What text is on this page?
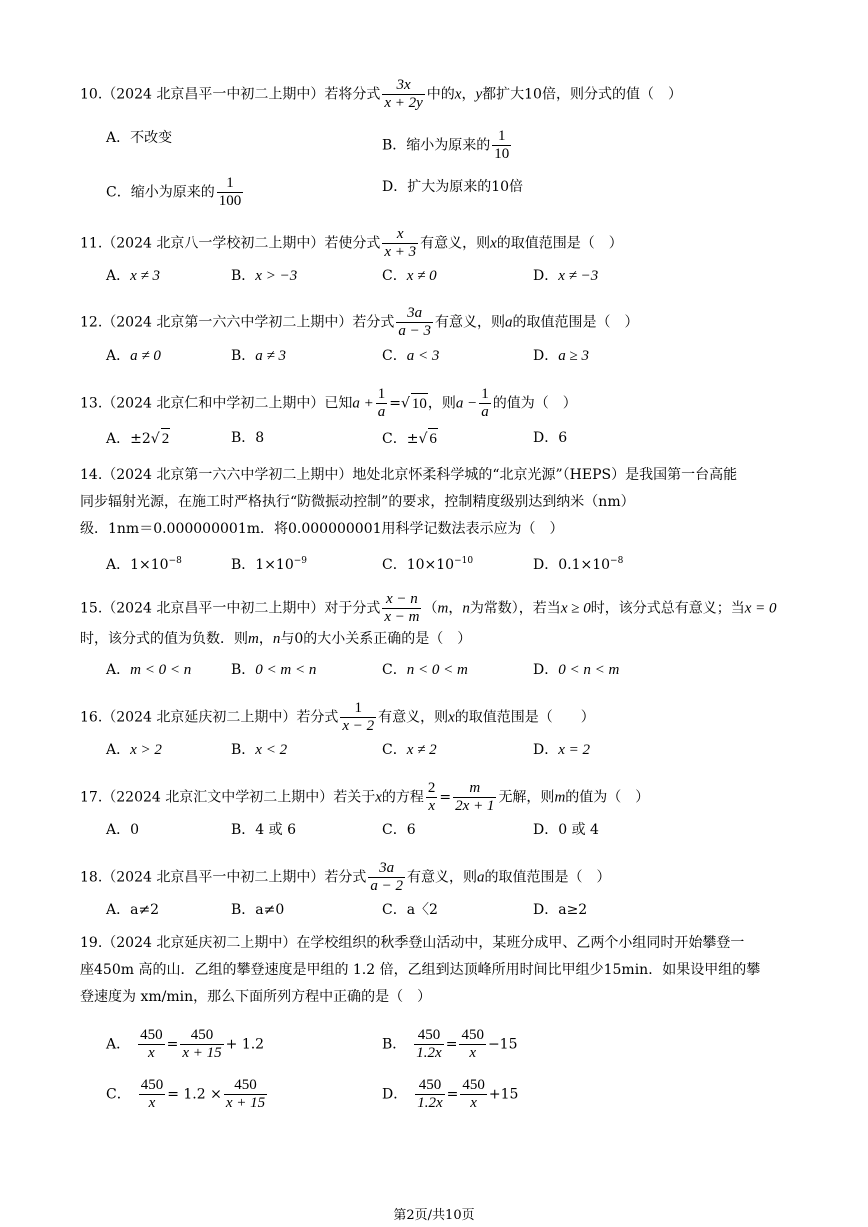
10.（2024 北京昌平一中初二上期中）若将分式 $\frac{3x}{x + 2y}$ 中的x，y都扩大10倍，则分式的值（　）
A．不改变	B．缩小为原来的 $\frac{1}{10}$
C．缩小为原来的 $\frac{1}{100}$	D．扩大为原来的10倍
11.（2024 北京八一学校初二上期中）若使分式 $\frac{x}{x + 3}$ 有意义，则x的取值范围是（　）
A．x ≠ 3	B．x > −3	C．x ≠ 0	D．x ≠ −3
12.（2024 北京第一六六中学初二上期中）若分式 $\frac{3a}{a - 3}$ 有意义，则a的取值范围是（　）
A．a ≠ 0	B．a ≠ 3	C．a < 3	D．a ≥ 3
13.（2024 北京仁和中学初二上期中）已知$a + \frac{1}{a}$ =√ 10，则$a - \frac{1}{a}$ 的值为（　）
A．±2√ 2	B．8	C．±√ 6	D．6
14.（2024 北京第一六六中学初二上期中）地处北京怀柔科学城的“北京光源”（HEPS）是我国第一台高能
同步辐射光源，在施工时严格执行“防微振动控制”的要求，控制精度级别达到纳米（nm）
级．1nm＝0.000000001m．将0.000000001用科学记数法表示应为（　）
A．$1\times 10^{-8}$	B．$1\times 10^{-9}$	C．$10\times 10^{-10}$	D．$0.1\times 10^{-8}$
15.（2024 北京昌平一中初二上期中）对于分式 $\frac{x - n}{x - m} (m$，n为常数），若当x ≥ 0时，该分式总有意义；当x = 0
时，该分式的值为负数．则m，n与0的大小关系正确的是（　）
A．m < 0 < n	B．0 < m < n	C．n < 0 < m	D．0 < n < m
16.（2024 北京延庆初二上期中）若分式 $\frac{1}{x - 2}$ 有意义，则x的取值范围是（　　）
A．x > 2	B．x < 2	C．x ≠ 2	D．x = 2
17.（22024 北京汇文中学初二上期中）若关于x的方程 $\frac{2}{x} = \frac{m}{2x + 1}$ 无解，则m的值为（　）
A．0	B．4 或 6	C．6	D．0 或 4
18.（2024 北京昌平一中初二上期中）若分式 $\frac{3a}{a - 2}$ 有意义，则a的取值范围是（　）
A．a≠2	B．a≠0	C．a〈2	D．a≥2
19.（2024 北京延庆初二上期中）在学校组织的秋季登山活动中，某班分成甲、乙两个小组同时开始攀登一
座450m 高的山．乙组的攀登速度是甲组的 1.2 倍，乙组到达顶峰所用时间比甲组少15min．如果设甲组的攀
登速度为 xm/min，那么下面所列方程中正确的是（　）
A． $\frac{450}{x} = \frac{450}{x + 15} + 1.2$	B． $\frac{450}{1.2x} = \frac{450}{x} -15$
C． $\frac{450}{x} = 1.2 \times \frac{450}{x + 15}$	D． $\frac{450}{1.2x} = \frac{450}{x} +15$
第2页/共10页
